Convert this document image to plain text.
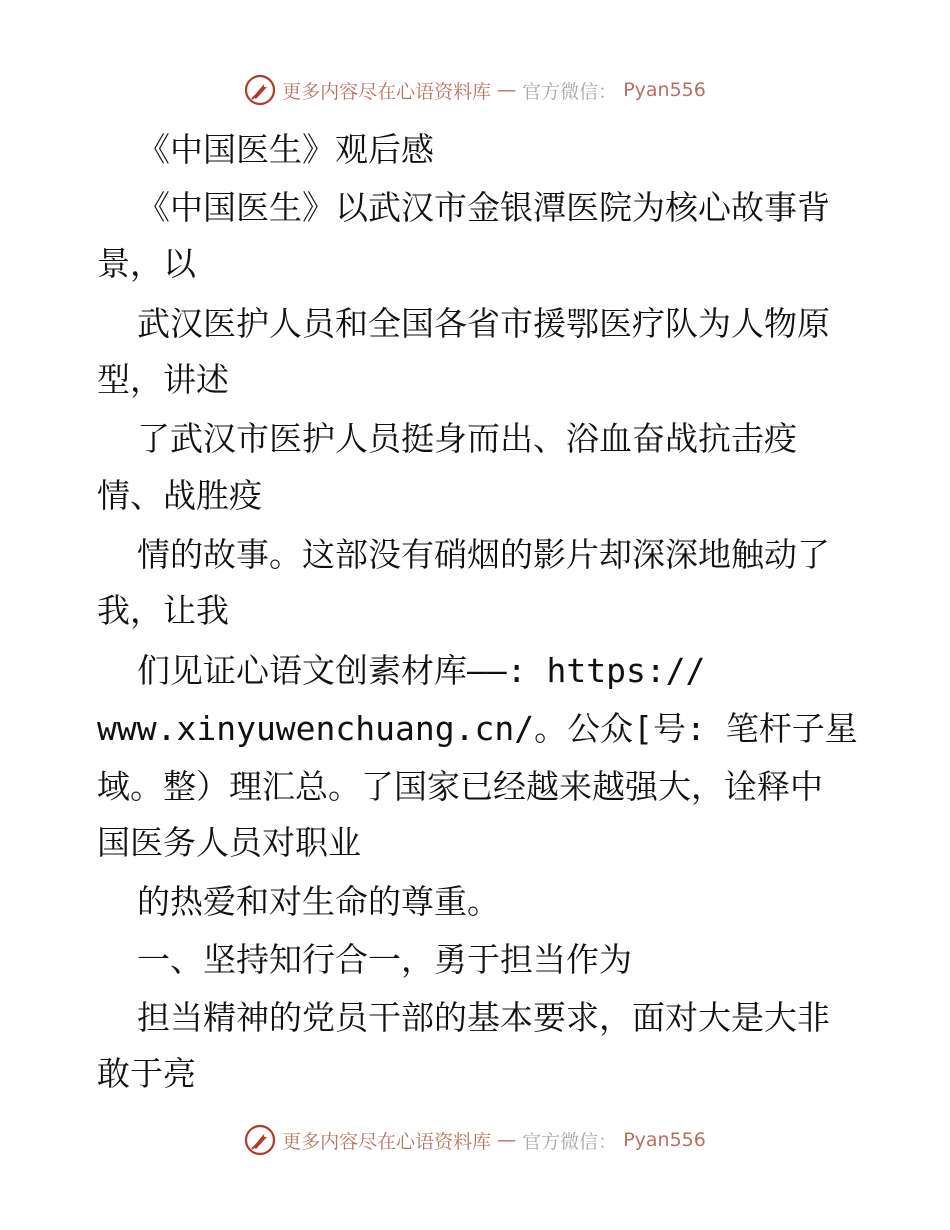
更多内容尽在心语资料库 — 官方微信： Pyan556
《中国医生》观后感
《中国医生》以武汉市金银潭医院为核心故事背
景，以
武汉医护人员和全国各省市援鄂医疗队为人物原
型，讲述
了武汉市医护人员挺身而出、浴血奋战抗击疫
情、战胜疫
情的故事。这部没有硝烟的影片却深深地触动了
我，让我
们见证心语文创素材库——: https://
www.xinyuwenchuang.cn/。公众[号: 笔杆子星
域。整）理汇总。了国家已经越来越强大，诠释中
国医务人员对职业
的热爱和对生命的尊重。
一、坚持知行合一，勇于担当作为
担当精神的党员干部的基本要求，面对大是大非
敢于亮
更多内容尽在心语资料库 — 官方微信： Pyan556
